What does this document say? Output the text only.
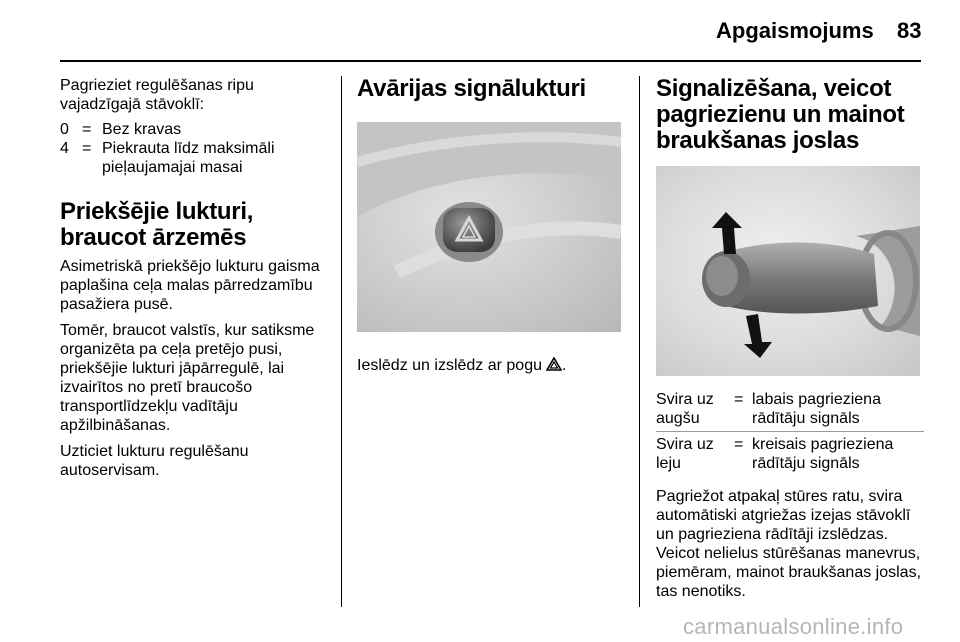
Apgaismojums 83

Pagrieziet regulēšanas ripu vajadzīgajā stāvoklī:

0 = Bez kravas
4 = Piekrauta līdz maksimāli pieļaujamajai masai
Priekšējie lukturi, braucot ārzemēs

Asimetriskā priekšējo lukturu gaisma paplašina ceļa malas pārredzamību pasažiera pusē.

Tomēr, braucot valstīs, kur satiksme organizēta pa ceļa pretējo pusi, priekšējie lukturi jāpārregulē, lai izvairītos no pretī braucošo transportlīdzekļu vadītāju apžilbināšanas.

Uzticiet lukturu regulēšanu autoservisam.

Avārijas signālukturi

Ieslēdz un izslēdz ar pogu .

Signalizēšana, veicot pagriezienu un mainot braukšanas joslas
Svira uz augšu
= labais pagrieziena rādītāju signāls
Svira uz leju
= kreisais pagrieziena rādītāju signāls

Pagriežot atpakaļ stūres ratu, svira automātiski atgriežas izejas stāvoklī un pagrieziena rādītāji izslēdzas. Veicot nelielus stūrēšanas manevrus, piemēram, mainot braukšanas joslas, tas nenotiks.

carmanualsonline.info
